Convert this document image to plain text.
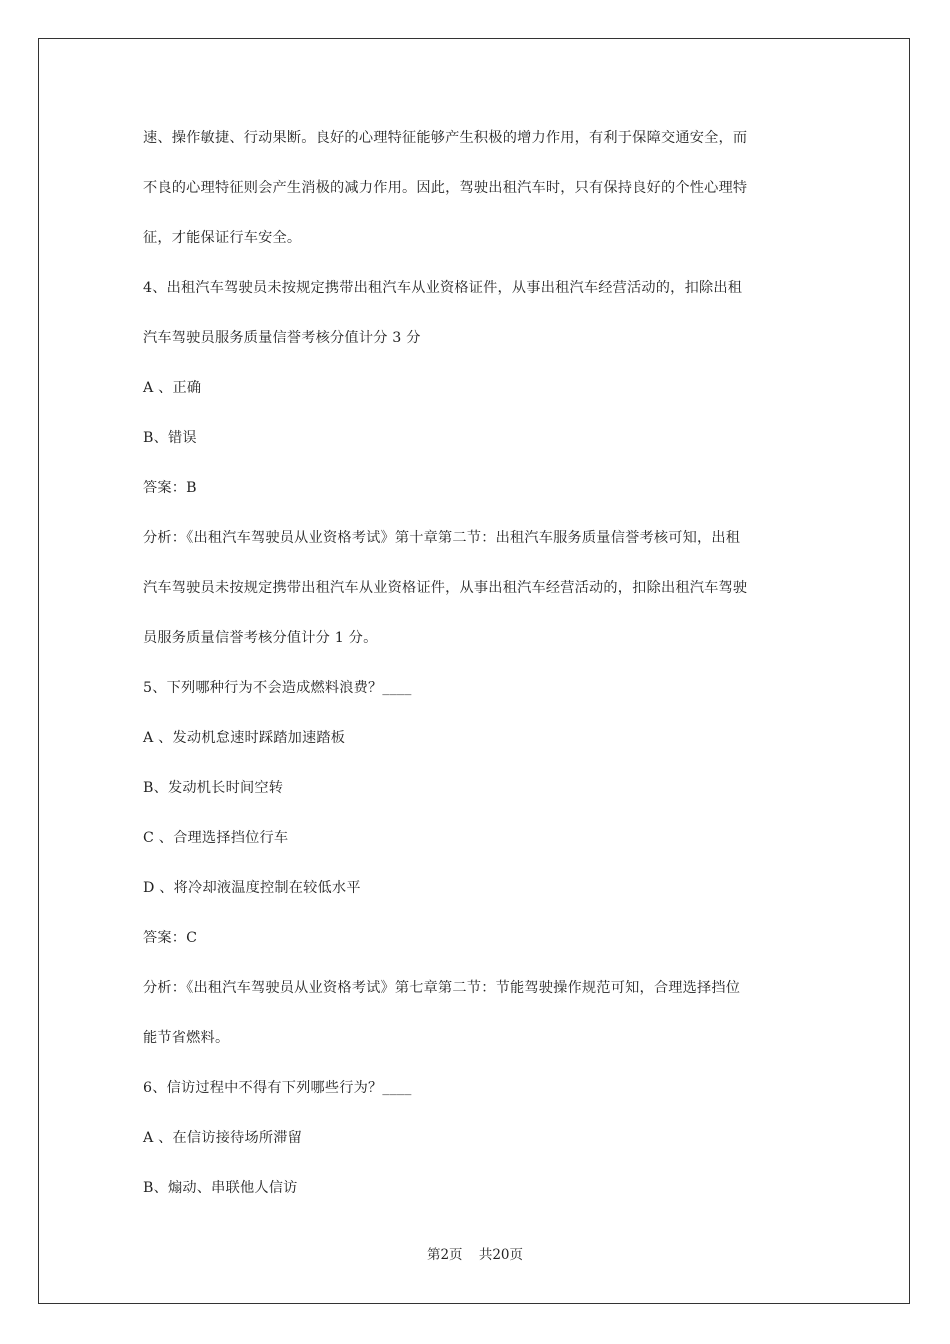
速、操作敏捷、行动果断。良好的心理特征能够产生积极的增力作用，有利于保障交通安全，而
不良的心理特征则会产生消极的减力作用。因此，驾驶出租汽车时，只有保持良好的个性心理特
征，才能保证行车安全。
4、出租汽车驾驶员未按规定携带出租汽车从业资格证件，从事出租汽车经营活动的，扣除出租
汽车驾驶员服务质量信誉考核分值计分 3 分
A 、正确
B、错误
答案：B
分析：《出租汽车驾驶员从业资格考试》第十章第二节：出租汽车服务质量信誉考核可知，出租
汽车驾驶员未按规定携带出租汽车从业资格证件，从事出租汽车经营活动的，扣除出租汽车驾驶
员服务质量信誉考核分值计分 1 分。
5、下列哪种行为不会造成燃料浪费？____
A 、发动机怠速时踩踏加速踏板
B、发动机长时间空转
C 、合理选择挡位行车
D 、将冷却液温度控制在较低水平
答案：C
分析：《出租汽车驾驶员从业资格考试》第七章第二节：节能驾驶操作规范可知，合理选择挡位
能节省燃料。
6、信访过程中不得有下列哪些行为？____
A 、在信访接待场所滞留
B、煽动、串联他人信访
第2页 共20页
